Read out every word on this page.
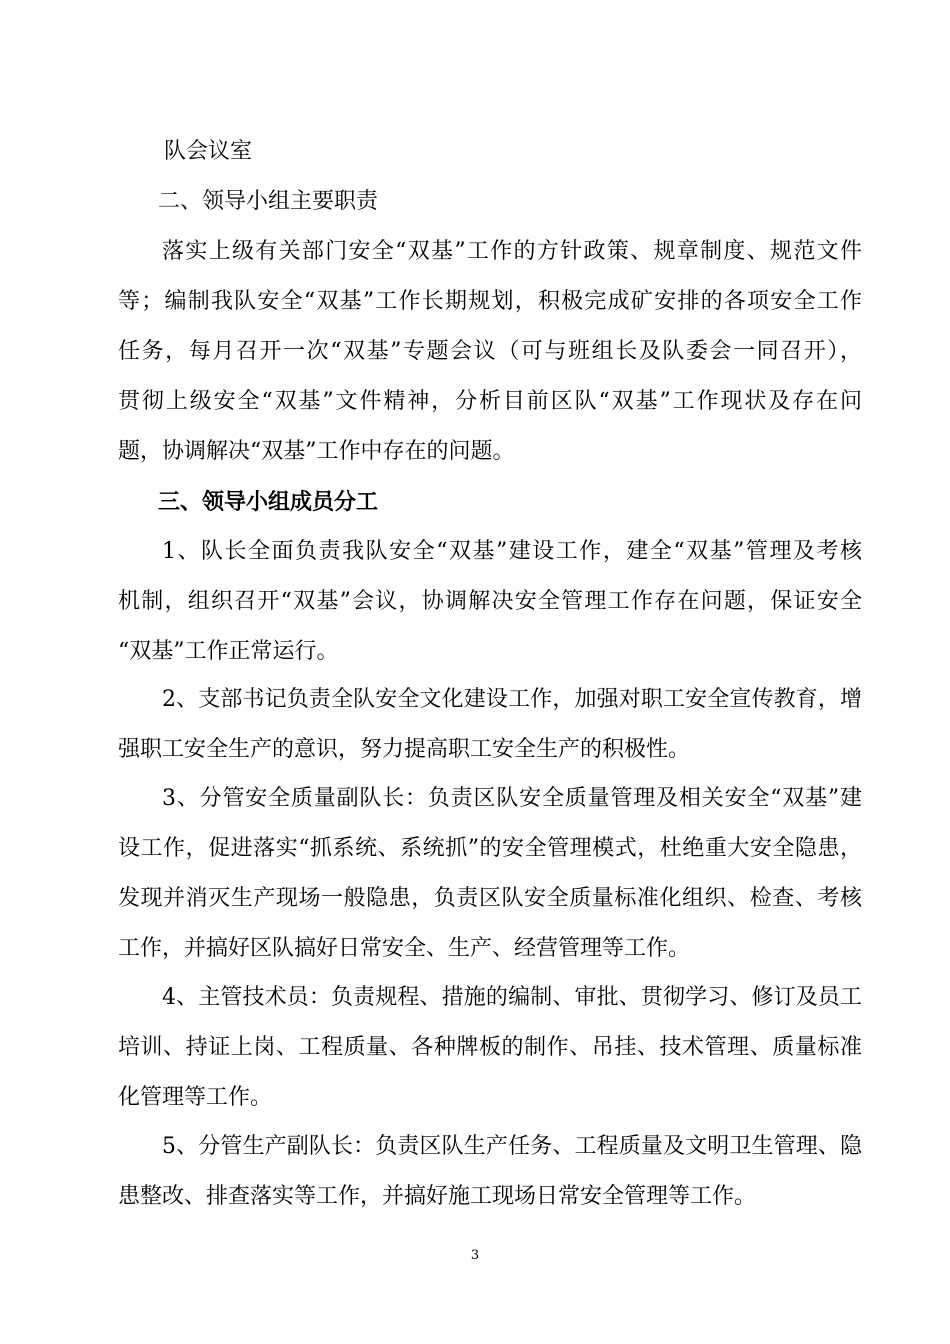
队会议室

二、领导小组主要职责

落实上级有关部门安全“双基”工作的方针政策、规章制度、规范文件
等；编制我队安全“双基”工作长期规划，积极完成矿安排的各项安全工作
任务，每月召开一次“双基”专题会议（可与班组长及队委会一同召开），
贯彻上级安全“双基”文件精神，分析目前区队“双基”工作现状及存在问
题，协调解决“双基”工作中存在的问题。

三、领导小组成员分工

1、队长全面负责我队安全“双基”建设工作，建全“双基”管理及考核
机制，组织召开“双基”会议，协调解决安全管理工作存在问题，保证安全
“双基”工作正常运行。

2、支部书记负责全队安全文化建设工作，加强对职工安全宣传教育，增
强职工安全生产的意识，努力提高职工安全生产的积极性。

3、分管安全质量副队长：负责区队安全质量管理及相关安全“双基”建
设工作，促进落实“抓系统、系统抓”的安全管理模式，杜绝重大安全隐患，
发现并消灭生产现场一般隐患，负责区队安全质量标准化组织、检查、考核
工作，并搞好区队搞好日常安全、生产、经营管理等工作。

4、主管技术员：负责规程、措施的编制、审批、贯彻学习、修订及员工
培训、持证上岗、工程质量、各种牌板的制作、吊挂、技术管理、质量标准
化管理等工作。

5、分管生产副队长：负责区队生产任务、工程质量及文明卫生管理、隐
患整改、排查落实等工作，并搞好施工现场日常安全管理等工作。

3
